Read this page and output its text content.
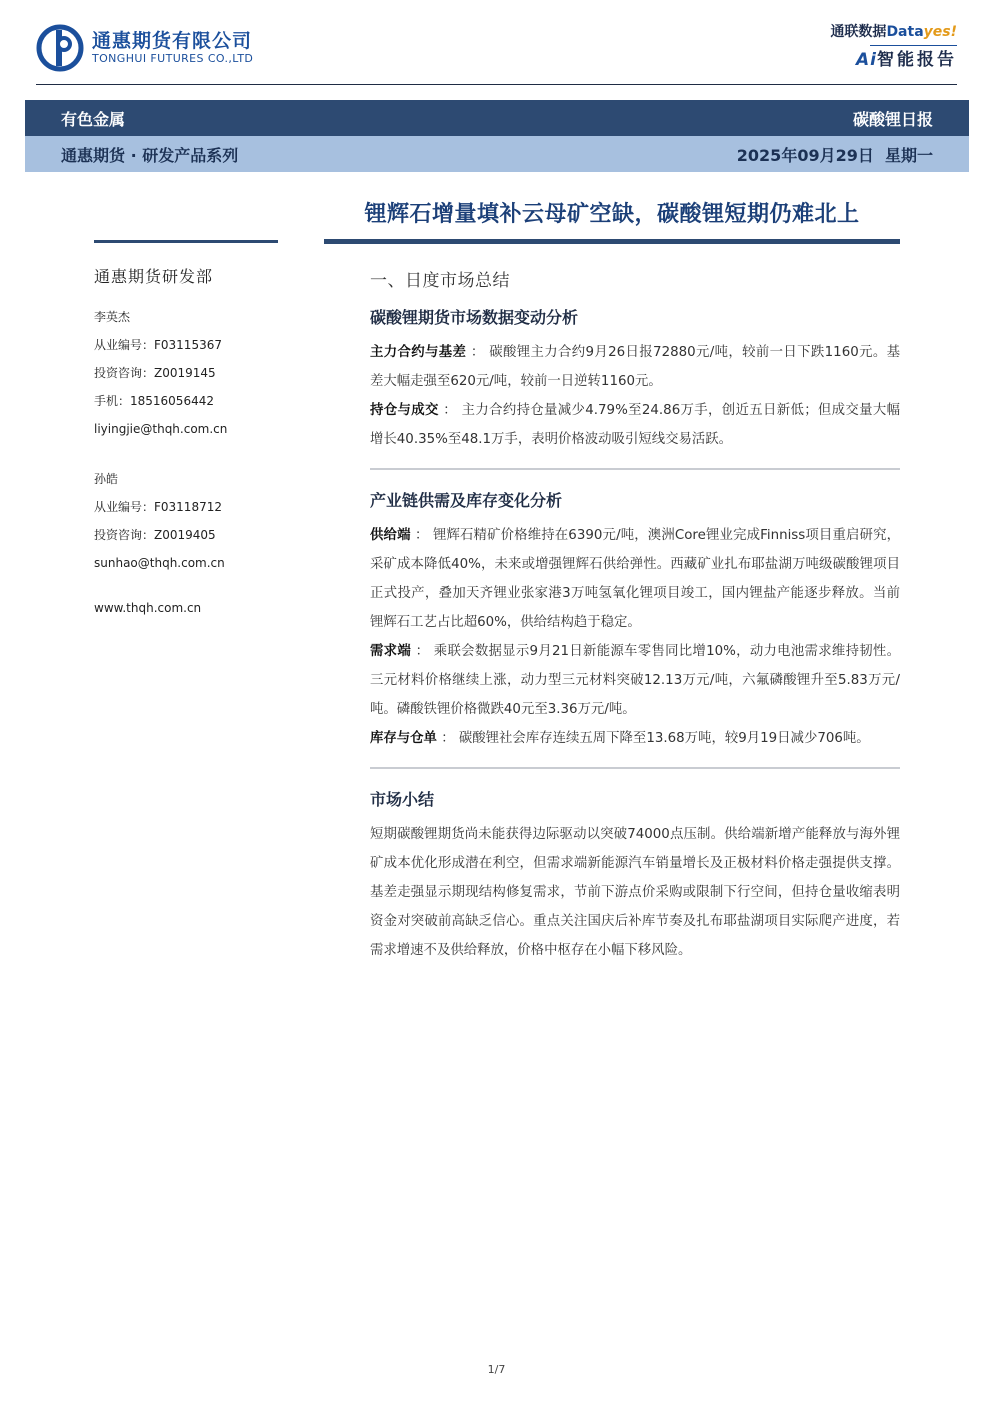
通惠期货有限公司
TONGHUI FUTURES CO.,LTD
通联数据Datayes!
Ai智能报告
有色金属	碳酸锂日报
通惠期货 · 研发产品系列	2025年09月29日  星期一
锂辉石增量填补云母矿空缺，碳酸锂短期仍难北上
通惠期货研发部
李英杰
从业编号：F03115367
投资咨询：Z0019145
手机：18516056442
liyingjie@thqh.com.cn
孙皓
从业编号：F03118712
投资咨询：Z0019405
sunhao@thqh.com.cn
www.thqh.com.cn
一、日度市场总结
碳酸锂期货市场数据变动分析
主力合约与基差 ： 碳酸锂主力合约9月26日报72880元/吨，较前一日下跌1160元。基差大幅走强至620元/吨，较前一日逆转1160元。
持仓与成交 ： 主力合约持仓量减少4.79%至24.86万手，创近五日新低；但成交量大幅增长40.35%至48.1万手，表明价格波动吸引短线交易活跃。
产业链供需及库存变化分析
供给端 ： 锂辉石精矿价格维持在6390元/吨，澳洲Core锂业完成Finniss项目重启研究，采矿成本降低40%，未来或增强锂辉石供给弹性。西藏矿业扎布耶盐湖万吨级碳酸锂项目正式投产，叠加天齐锂业张家港3万吨氢氧化锂项目竣工，国内锂盐产能逐步释放。当前锂辉石工艺占比超60%，供给结构趋于稳定。
需求端 ： 乘联会数据显示9月21日新能源车零售同比增10%，动力电池需求维持韧性。三元材料价格继续上涨，动力型三元材料突破12.13万元/吨，六氟磷酸锂升至5.83万元/吨。磷酸铁锂价格微跌40元至3.36万元/吨。
库存与仓单 ： 碳酸锂社会库存连续五周下降至13.68万吨，较9月19日减少706吨。
市场小结
短期碳酸锂期货尚未能获得边际驱动以突破74000点压制。供给端新增产能释放与海外锂矿成本优化形成潜在利空，但需求端新能源汽车销量增长及正极材料价格走强提供支撑。基差走强显示期现结构修复需求，节前下游点价采购或限制下行空间，但持仓量收缩表明资金对突破前高缺乏信心。重点关注国庆后补库节奏及扎布耶盐湖项目实际爬产进度，若需求增速不及供给释放，价格中枢存在小幅下移风险。
1/7
